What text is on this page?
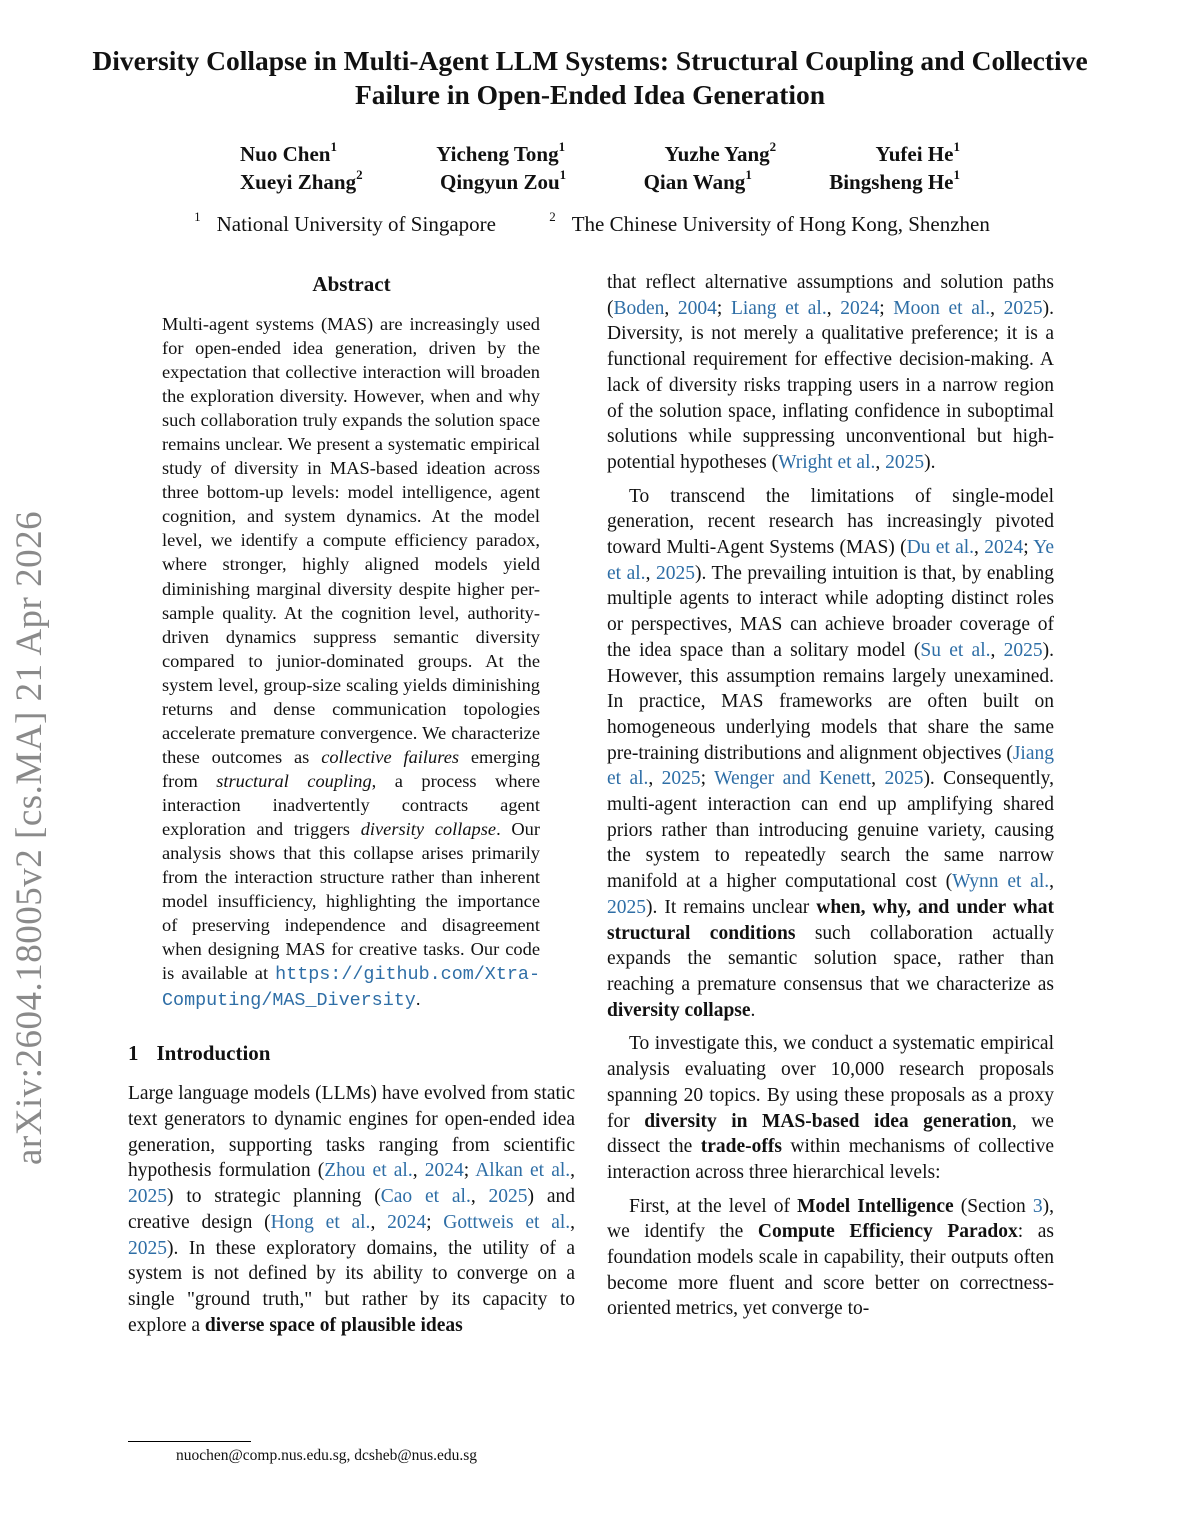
arXiv:2604.18005v2 [cs.MA] 21 Apr 2026
Diversity Collapse in Multi-Agent LLM Systems: Structural Coupling and Collective Failure in Open-Ended Idea Generation
Nuo Chen$^1$	Yicheng Tong$^1$	Yuzhe Yang$^2$	Yufei He$^1$
Xueyi Zhang$^2$	Qingyun Zou$^1$	Qian Wang$^1$	Bingsheng He$^1$
$^1$ National University of Singapore	$^2$ The Chinese University of Hong Kong, Shenzhen
Abstract
Multi-agent systems (MAS) are increasingly used for open-ended idea generation, driven by the expectation that collective interaction will broaden the exploration diversity. However, when and why such collaboration truly expands the solution space remains unclear. We present a systematic empirical study of diversity in MAS-based ideation across three bottom-up levels: model intelligence, agent cognition, and system dynamics. At the model level, we identify a compute efficiency paradox, where stronger, highly aligned models yield diminishing marginal diversity despite higher per-sample quality. At the cognition level, authority-driven dynamics suppress semantic diversity compared to junior-dominated groups. At the system level, group-size scaling yields diminishing returns and dense communication topologies accelerate premature convergence. We characterize these outcomes as collective failures emerging from structural coupling, a process where interaction inadvertently contracts agent exploration and triggers diversity collapse. Our analysis shows that this collapse arises primarily from the interaction structure rather than inherent model insufficiency, highlighting the importance of preserving independence and disagreement when designing MAS for creative tasks. Our code is available at https://github.com/Xtra-Computing/MAS_Diversity.
1 Introduction

Large language models (LLMs) have evolved from static text generators to dynamic engines for open-ended idea generation, supporting tasks ranging from scientific hypothesis formulation (Zhou et al., 2024; Alkan et al., 2025) to strategic planning (Cao et al., 2025) and creative design (Hong et al., 2024; Gottweis et al., 2025). In these exploratory domains, the utility of a system is not defined by its ability to converge on a single "ground truth," but rather by its capacity to explore a diverse space of plausible ideas

that reflect alternative assumptions and solution paths (Boden, 2004; Liang et al., 2024; Moon et al., 2025). Diversity, is not merely a qualitative preference; it is a functional requirement for effective decision-making. A lack of diversity risks trapping users in a narrow region of the solution space, inflating confidence in suboptimal solutions while suppressing unconventional but high-potential hypotheses (Wright et al., 2025).

To transcend the limitations of single-model generation, recent research has increasingly pivoted toward Multi-Agent Systems (MAS) (Du et al., 2024; Ye et al., 2025). The prevailing intuition is that, by enabling multiple agents to interact while adopting distinct roles or perspectives, MAS can achieve broader coverage of the idea space than a solitary model (Su et al., 2025). However, this assumption remains largely unexamined. In practice, MAS frameworks are often built on homogeneous underlying models that share the same pre-training distributions and alignment objectives (Jiang et al., 2025; Wenger and Kenett, 2025). Consequently, multi-agent interaction can end up amplifying shared priors rather than introducing genuine variety, causing the system to repeatedly search the same narrow manifold at a higher computational cost (Wynn et al., 2025). It remains unclear when, why, and under what structural conditions such collaboration actually expands the semantic solution space, rather than reaching a premature consensus that we characterize as diversity collapse.

To investigate this, we conduct a systematic empirical analysis evaluating over 10,000 research proposals spanning 20 topics. By using these proposals as a proxy for diversity in MAS-based idea generation, we dissect the trade-offs within mechanisms of collective interaction across three hierarchical levels:

First, at the level of Model Intelligence (Section 3), we identify the Compute Efficiency Paradox: as foundation models scale in capability, their outputs often become more fluent and score better on correctness-oriented metrics, yet converge to-

nuochen@comp.nus.edu.sg, dcsheb@nus.edu.sg
